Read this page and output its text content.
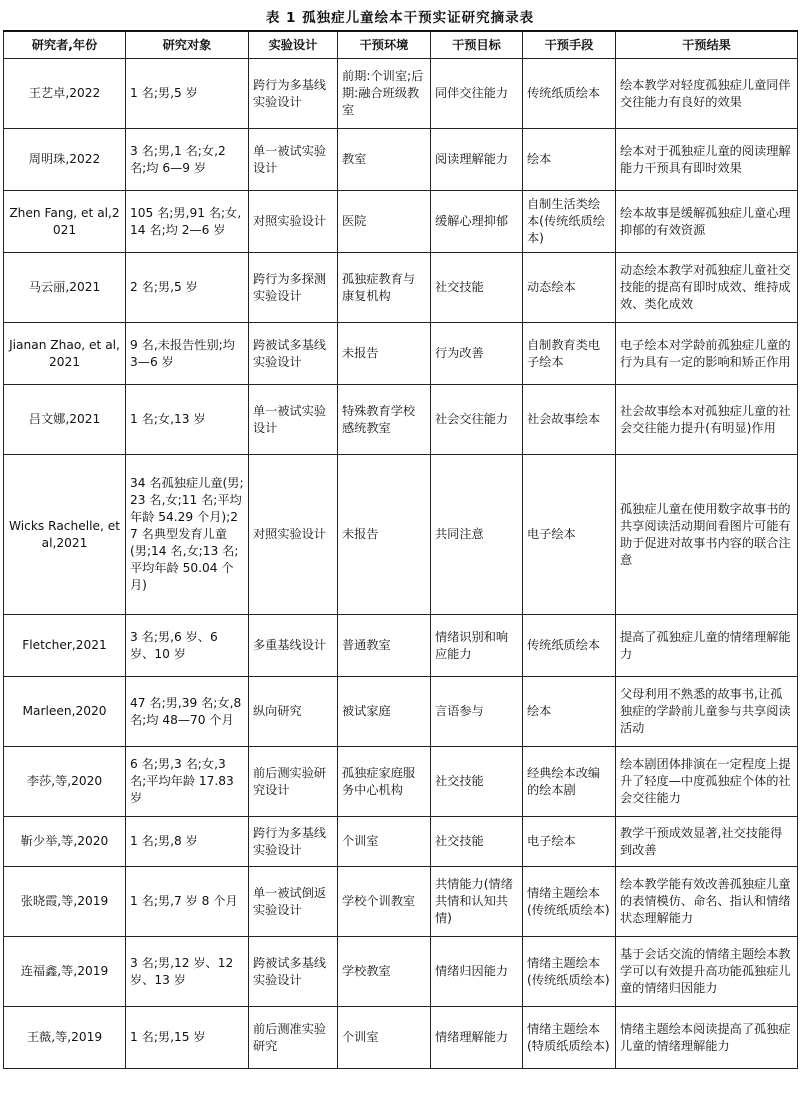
表 1 孤独症儿童绘本干预实证研究摘录表
研究者,年份	研究对象	实验设计	干预环境	干预目标	干预手段	干预结果
王艺卓,2022	1 名;男,5 岁	跨行为多基线实验设计	前期:个训室;后期:融合班级教室	同伴交往能力	传统纸质绘本	绘本教学对轻度孤独症儿童同伴交往能力有良好的效果
周明珠,2022	3 名;男,1 名;女,2 名;均 6—9 岁	单一被试实验设计	教室	阅读理解能力	绘本	绘本对于孤独症儿童的阅读理解能力干预具有即时效果
Zhen Fang, et al,2021	105 名;男,91 名;女,14 名;均 2—6 岁	对照实验设计	医院	缓解心理抑郁	自制生活类绘本(传统纸质绘本)	绘本故事是缓解孤独症儿童心理抑郁的有效资源
马云丽,2021	2 名;男,5 岁	跨行为多探测实验设计	孤独症教育与康复机构	社交技能	动态绘本	动态绘本教学对孤独症儿童社交技能的提高有即时成效、维持成效、类化成效
Jianan Zhao, et al,2021	9 名,未报告性别;均 3—6 岁	跨被试多基线实验设计	未报告	行为改善	自制教育类电子绘本	电子绘本对学龄前孤独症儿童的行为具有一定的影响和矫正作用
吕文娜,2021	1 名;女,13 岁	单一被试实验设计	特殊教育学校感统教室	社会交往能力	社会故事绘本	社会故事绘本对孤独症儿童的社会交往能力提升(有明显)作用
Wicks Rachelle, et al,2021	34 名孤独症儿童(男;23 名,女;11 名;平均年龄 54.29 个月);27 名典型发育儿童(男;14 名,女;13 名;平均年龄 50.04 个月)	对照实验设计	未报告	共同注意	电子绘本	孤独症儿童在使用数字故事书的共享阅读活动期间看图片可能有助于促进对故事书内容的联合注意
Fletcher,2021	3 名;男,6 岁、6 岁、10 岁	多重基线设计	普通教室	情绪识别和响应能力	传统纸质绘本	提高了孤独症儿童的情绪理解能力
Marleen,2020	47 名;男,39 名;女,8 名;均 48—70 个月	纵向研究	被试家庭	言语参与	绘本	父母利用不熟悉的故事书,让孤独症的学龄前儿童参与共享阅读活动
李莎,等,2020	6 名;男,3 名;女,3 名;平均年龄 17.83岁	前后测实验研究设计	孤独症家庭服务中心机构	社交技能	经典绘本改编的绘本剧	绘本剧团体排演在一定程度上提升了轻度—中度孤独症个体的社会交往能力
靳少举,等,2020	1 名;男,8 岁	跨行为多基线实验设计	个训室	社交技能	电子绘本	教学干预成效显著,社交技能得到改善
张晓霞,等,2019	1 名;男,7 岁 8 个月	单一被试倒返实验设计	学校个训教室	共情能力(情绪共情和认知共情)	情绪主题绘本(传统纸质绘本)	绘本教学能有效改善孤独症儿童的表情模仿、命名、指认和情绪状态理解能力
连福鑫,等,2019	3 名;男,12 岁、12 岁、13 岁	跨被试多基线实验设计	学校教室	情绪归因能力	情绪主题绘本(传统纸质绘本)	基于会话交流的情绪主题绘本教学可以有效提升高功能孤独症儿童的情绪归因能力
王薇,等,2019	1 名;男,15 岁	前后测准实验研究	个训室	情绪理解能力	情绪主题绘本(特质纸质绘本)	情绪主题绘本阅读提高了孤独症儿童的情绪理解能力
